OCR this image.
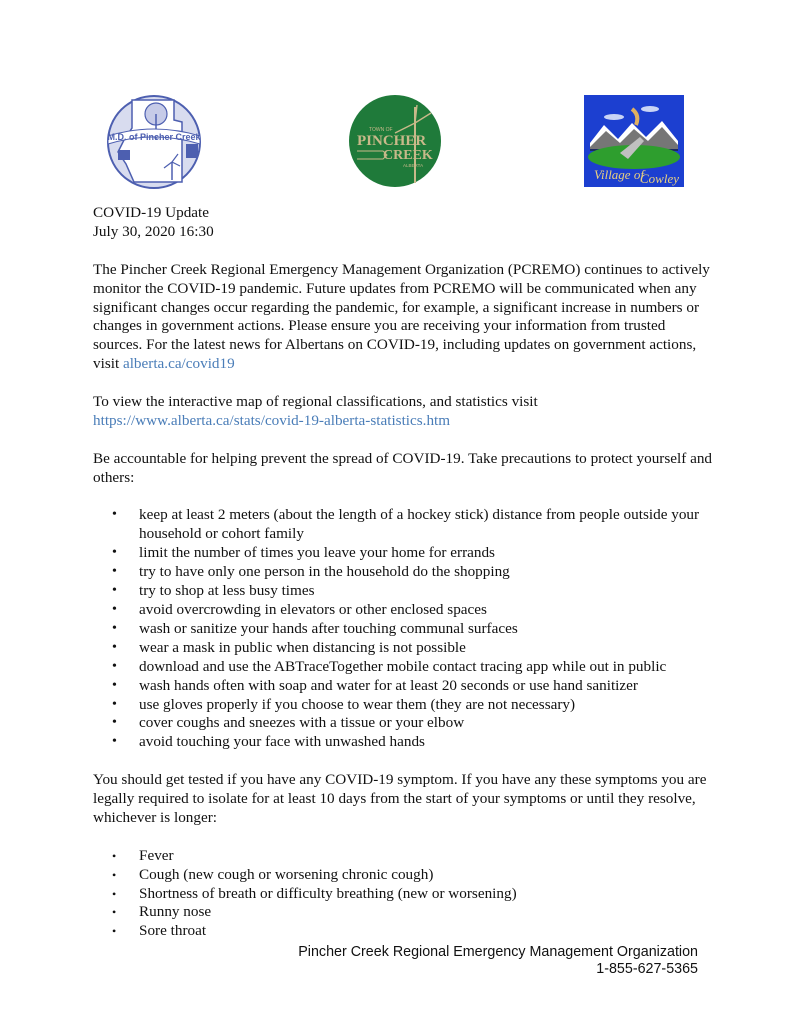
M.D. of Pincher Creek
TOWN OF
PINCHER
CREEK
ALBERTA
Village of
Cowley
COVID-19 Update
July 30, 2020 16:30

The Pincher Creek Regional Emergency Management Organization (PCREMO) continues to actively monitor the COVID-19 pandemic. Future updates from PCREMO will be communicated when any significant changes occur regarding the pandemic, for example, a significant increase in numbers or changes in government actions. Please ensure you are receiving your information from trusted sources. For the latest news for Albertans on COVID-19, including updates on government actions, visit alberta.ca/covid19

To view the interactive map of regional classifications, and statistics visit
https://www.alberta.ca/stats/covid-19-alberta-statistics.htm

Be accountable for helping prevent the spread of COVID-19. Take precautions to protect yourself and others:

• keep at least 2 meters (about the length of a hockey stick) distance from people outside your household or cohort family
• limit the number of times you leave your home for errands
• try to have only one person in the household do the shopping
• try to shop at less busy times
• avoid overcrowding in elevators or other enclosed spaces
• wash or sanitize your hands after touching communal surfaces
• wear a mask in public when distancing is not possible
• download and use the ABTraceTogether mobile contact tracing app while out in public
• wash hands often with soap and water for at least 20 seconds or use hand sanitizer
• use gloves properly if you choose to wear them (they are not necessary)
• cover coughs and sneezes with a tissue or your elbow
• avoid touching your face with unwashed hands

You should get tested if you have any COVID-19 symptom. If you have any these symptoms you are legally required to isolate for at least 10 days from the start of your symptoms or until they resolve, whichever is longer:

• Fever
• Cough (new cough or worsening chronic cough)
• Shortness of breath or difficulty breathing (new or worsening)
• Runny nose
• Sore throat
Pincher Creek Regional Emergency Management Organization
1-855-627-5365
